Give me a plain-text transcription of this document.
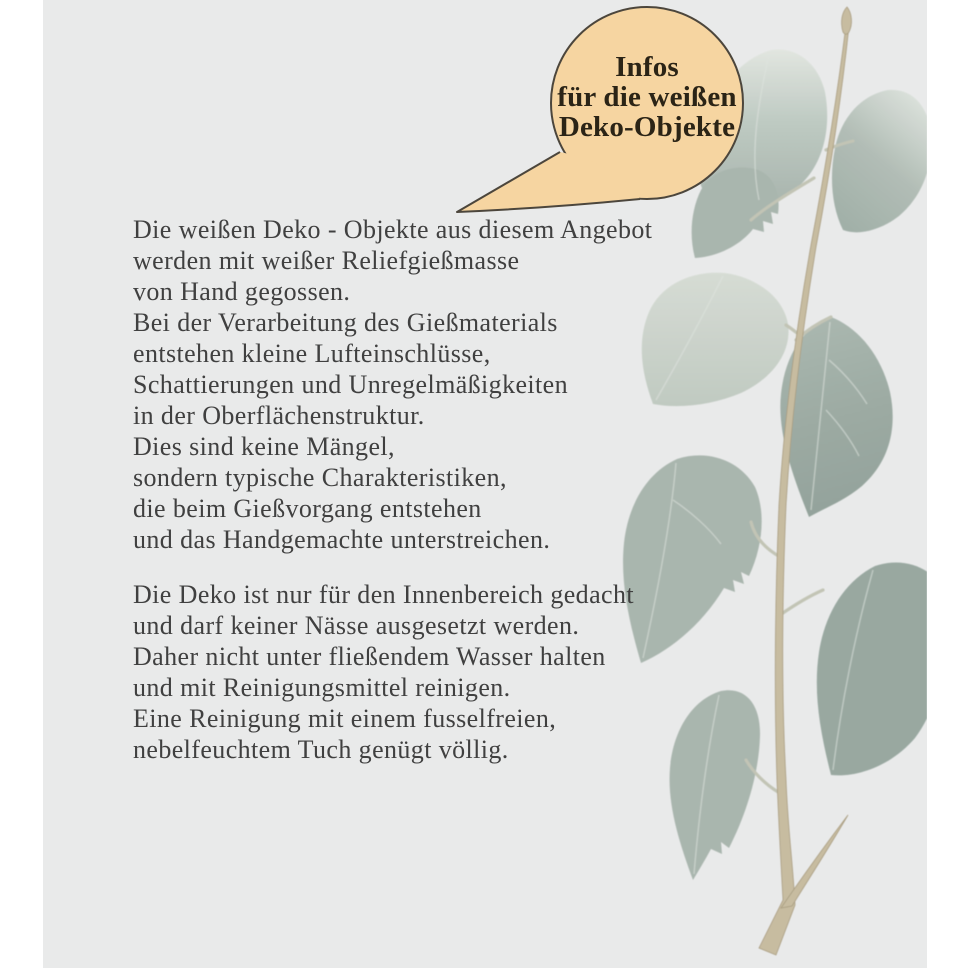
Infos
für die weißen
Deko-Objekte
Die weißen Deko - Objekte aus diesem Angebot
werden mit weißer Reliefgießmasse
von Hand gegossen.
Bei der Verarbeitung des Gießmaterials
entstehen kleine Lufteinschlüsse,
Schattierungen und Unregelmäßigkeiten
in der Oberflächenstruktur.
Dies sind keine Mängel,
sondern typische Charakteristiken,
die beim Gießvorgang entstehen
und das Handgemachte unterstreichen.
Die Deko ist nur für den Innenbereich gedacht
und darf keiner Nässe ausgesetzt werden.
Daher nicht unter fließendem Wasser halten
und mit Reinigungsmittel reinigen.
Eine Reinigung mit einem fusselfreien,
nebelfeuchtem Tuch genügt völlig.
